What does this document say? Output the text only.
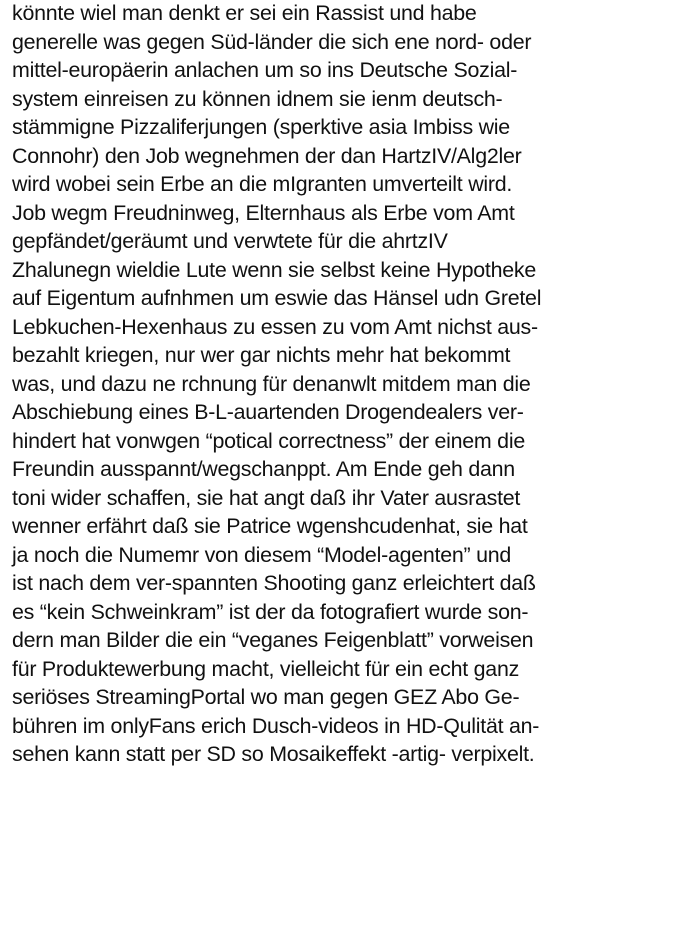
könnte wiel man denkt er sei ein Rassist und habe
generelle was gegen Süd-länder die sich ene nord- oder
mittel-europäerin anlachen um so ins Deutsche Sozial-
system einreisen zu können idnem sie ienm deutsch-
stämmigne Pizzaliferjungen (sperktive asia Imbiss wie
Connohr) den Job wegnehmen der dan HartzIV/Alg2ler
wird wobei sein Erbe an die mIgranten umverteilt wird.
Job wegm Freudninweg, Elternhaus als Erbe vom Amt
gepfändet/geräumt und verwtete für die ahrtzIV
Zhalunegn wieldie Lute wenn sie selbst keine Hypotheke
auf Eigentum aufnhmen um eswie das Hänsel udn Gretel
Lebkuchen-Hexenhaus zu essen zu vom Amt nichst aus-
bezahlt kriegen, nur wer gar nichts mehr hat bekommt
was, und dazu ne rchnung für denanwlt mitdem man die
Abschiebung eines B-L-auartenden Drogendealers ver-
hindert hat vonwgen “potical correctness” der einem die
Freundin ausspannt/wegschanppt. Am Ende geh dann
toni wider schaffen, sie hat angt daß ihr Vater ausrastet
wenner erfährt daß sie Patrice wgenshcudenhat, sie hat
ja noch die Numemr von diesem “Model-agenten” und
ist nach dem ver-spannten Shooting ganz erleichtert daß
es “kein Schweinkram” ist der da fotografiert wurde son-
dern man Bilder die ein “veganes Feigenblatt” vorweisen
für Produktewerbung macht, vielleicht für ein echt ganz
seriöses StreamingPortal wo man gegen GEZ Abo Ge-
bühren im onlyFans erich Dusch-videos in HD-Qulität an-
sehen kann statt per SD so Mosaikeffekt -artig- verpixelt.
